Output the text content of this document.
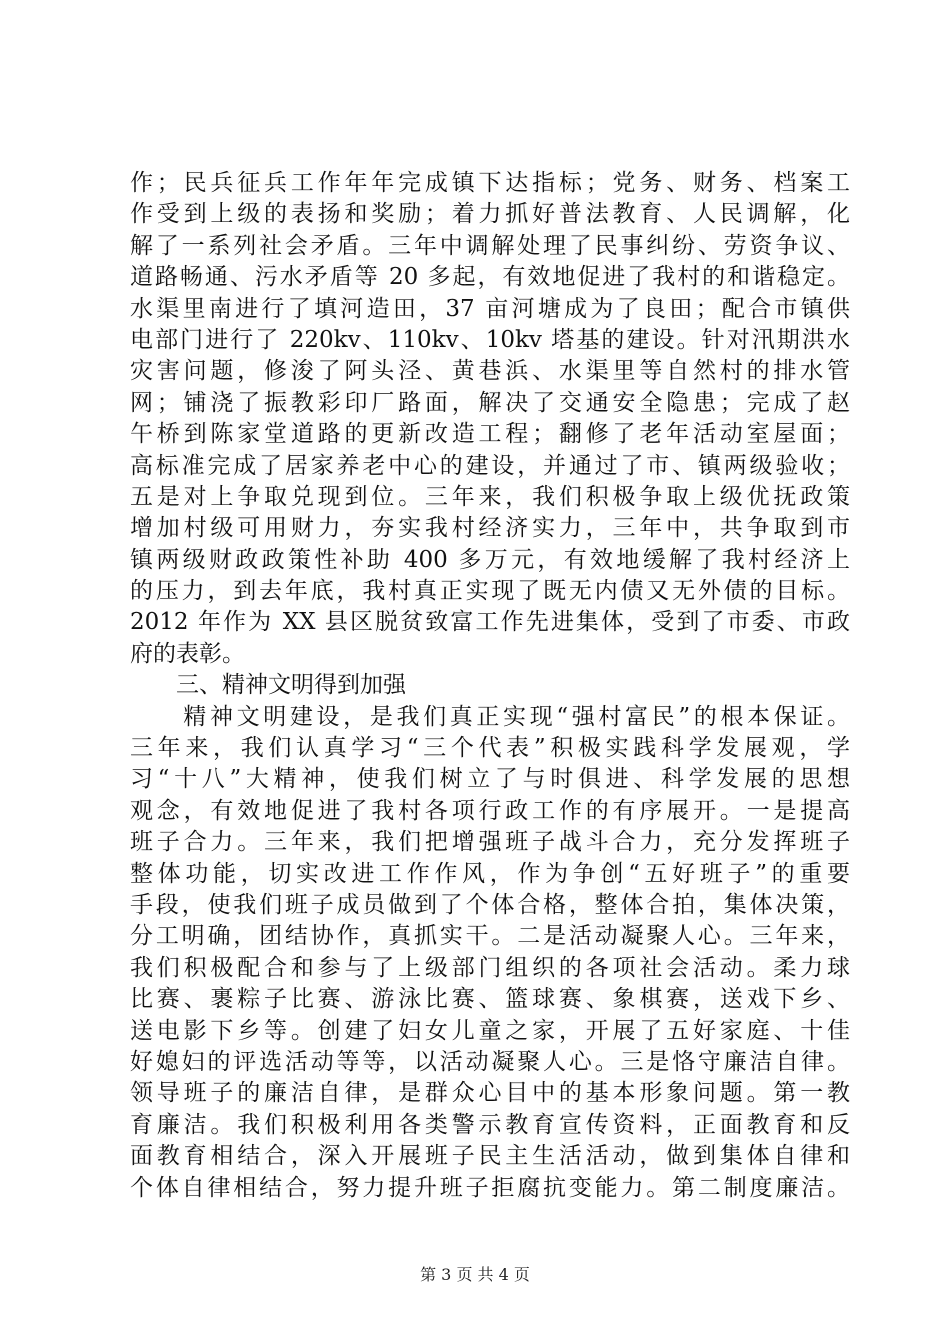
作；民兵征兵工作年年完成镇下达指标；党务、财务、档案工
作受到上级的表扬和奖励；着力抓好普法教育、人民调解，化
解了一系列社会矛盾。三年中调解处理了民事纠纷、劳资争议、
道路畅通、污水矛盾等 20 多起，有效地促进了我村的和谐稳定。
水渠里南进行了填河造田，37 亩河塘成为了良田；配合市镇供
电部门进行了 220kv、110kv、10kv 塔基的建设。针对汛期洪水
灾害问题，修浚了阿头泾、黄巷浜、水渠里等自然村的排水管
网；铺浇了振教彩印厂路面，解决了交通安全隐患；完成了赵
午桥到陈家堂道路的更新改造工程；翻修了老年活动室屋面；
高标准完成了居家养老中心的建设，并通过了市、镇两级验收；
五是对上争取兑现到位。三年来，我们积极争取上级优抚政策
增加村级可用财力，夯实我村经济实力，三年中，共争取到市
镇两级财政政策性补助 400 多万元，有效地缓解了我村经济上
的压力，到去年底，我村真正实现了既无内债又无外债的目标。
2012 年作为 XX 县区脱贫致富工作先进集体，受到了市委、市政
府的表彰。
　　三、精神文明得到加强
　　精神文明建设，是我们真正实现“强村富民”的根本保证。
三年来，我们认真学习“三个代表”积极实践科学发展观，学
习“十八”大精神，使我们树立了与时俱进、科学发展的思想
观念，有效地促进了我村各项行政工作的有序展开。一是提高
班子合力。三年来，我们把增强班子战斗合力，充分发挥班子
整体功能，切实改进工作作风，作为争创“五好班子”的重要
手段，使我们班子成员做到了个体合格，整体合拍，集体决策，
分工明确，团结协作，真抓实干。二是活动凝聚人心。三年来，
我们积极配合和参与了上级部门组织的各项社会活动。柔力球
比赛、裹粽子比赛、游泳比赛、篮球赛、象棋赛，送戏下乡、
送电影下乡等。创建了妇女儿童之家，开展了五好家庭、十佳
好媳妇的评选活动等等，以活动凝聚人心。三是恪守廉洁自律。
领导班子的廉洁自律，是群众心目中的基本形象问题。第一教
育廉洁。我们积极利用各类警示教育宣传资料，正面教育和反
面教育相结合，深入开展班子民主生活活动，做到集体自律和
个体自律相结合，努力提升班子拒腐抗变能力。第二制度廉洁。
第 3 页 共 4 页
